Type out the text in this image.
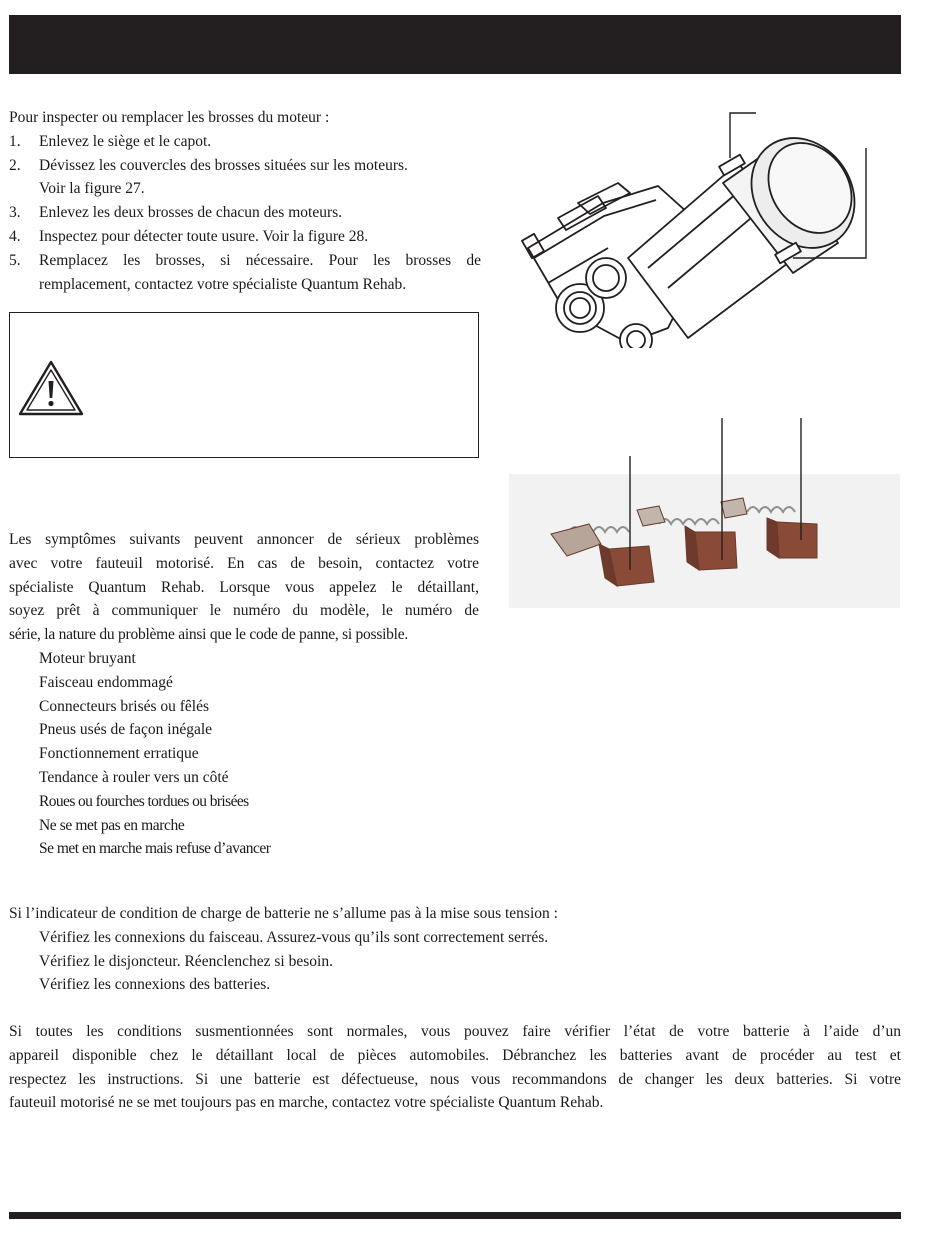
Pour inspecter ou remplacer les brosses du moteur :
1. Enlevez le siège et le capot.
2. Dévissez les couvercles des brosses situées sur les moteurs.
Voir la figure 27.
3. Enlevez les deux brosses de chacun des moteurs.
4. Inspectez pour détecter toute usure. Voir la figure 28.
5. Remplacez les brosses, si nécessaire. Pour les brosses de
remplacement, contactez votre spécialiste Quantum Rehab.
Les symptômes suivants peuvent annoncer de sérieux problèmes
avec votre fauteuil motorisé. En cas de besoin, contactez votre
spécialiste Quantum Rehab. Lorsque vous appelez le détaillant,
soyez prêt à communiquer le numéro du modèle, le numéro de
série, la nature du problème ainsi que le code de panne, si possible.
Moteur bruyant
Faisceau endommagé
Connecteurs brisés ou fêlés
Pneus usés de façon inégale
Fonctionnement erratique
Tendance à rouler vers un côté
Roues ou fourches tordues ou brisées
Ne se met pas en marche
Se met en marche mais refuse d’avancer
Si l’indicateur de condition de charge de batterie ne s’allume pas à la mise sous tension :
Vérifiez les connexions du faisceau. Assurez-vous qu’ils sont correctement serrés.
Vérifiez le disjoncteur. Réenclenchez si besoin.
Vérifiez les connexions des batteries.
Si toutes les conditions susmentionnées sont normales, vous pouvez faire vérifier l’état de votre batterie à l’aide d’un
appareil disponible chez le détaillant local de pièces automobiles. Débranchez les batteries avant de procéder au test et
respectez les instructions. Si une batterie est défectueuse, nous vous recommandons de changer les deux batteries. Si votre
fauteuil motorisé ne se met toujours pas en marche, contactez votre spécialiste Quantum Rehab.
